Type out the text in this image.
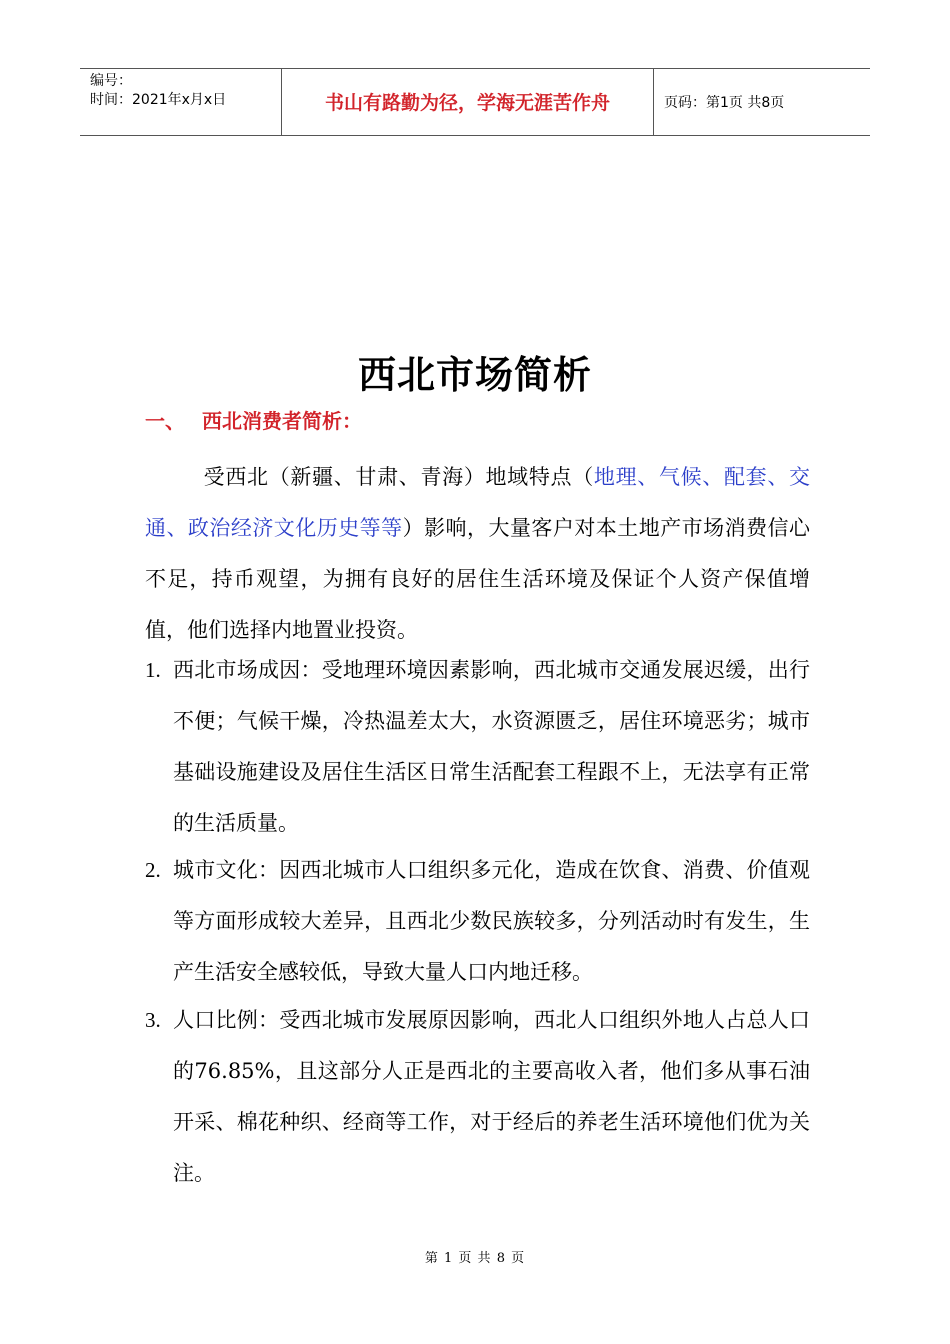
编号：
时间：2021年x月x日	书山有路勤为径，学海无涯苦作舟	页码：第1页 共8页
西北市场简析
一、 西北消费者简析：
受西北（新疆、甘肃、青海）地域特点（地理、气候、配套、交通、政治经济文化历史等等）影响，大量客户对本土地产市场消费信心不足，持币观望，为拥有良好的居住生活环境及保证个人资产保值增值，他们选择内地置业投资。
1. 西北市场成因：受地理环境因素影响，西北城市交通发展迟缓，出行不便；气候干燥，冷热温差太大，水资源匮乏，居住环境恶劣；城市基础设施建设及居住生活区日常生活配套工程跟不上，无法享有正常的生活质量。
2. 城市文化：因西北城市人口组织多元化，造成在饮食、消费、价值观等方面形成较大差异，且西北少数民族较多，分列活动时有发生，生产生活安全感较低，导致大量人口内地迁移。
3. 人口比例：受西北城市发展原因影响，西北人口组织外地人占总人口的76.85%，且这部分人正是西北的主要高收入者，他们多从事石油开采、棉花种织、经商等工作，对于经后的养老生活环境他们优为关注。
第 1 页 共 8 页
